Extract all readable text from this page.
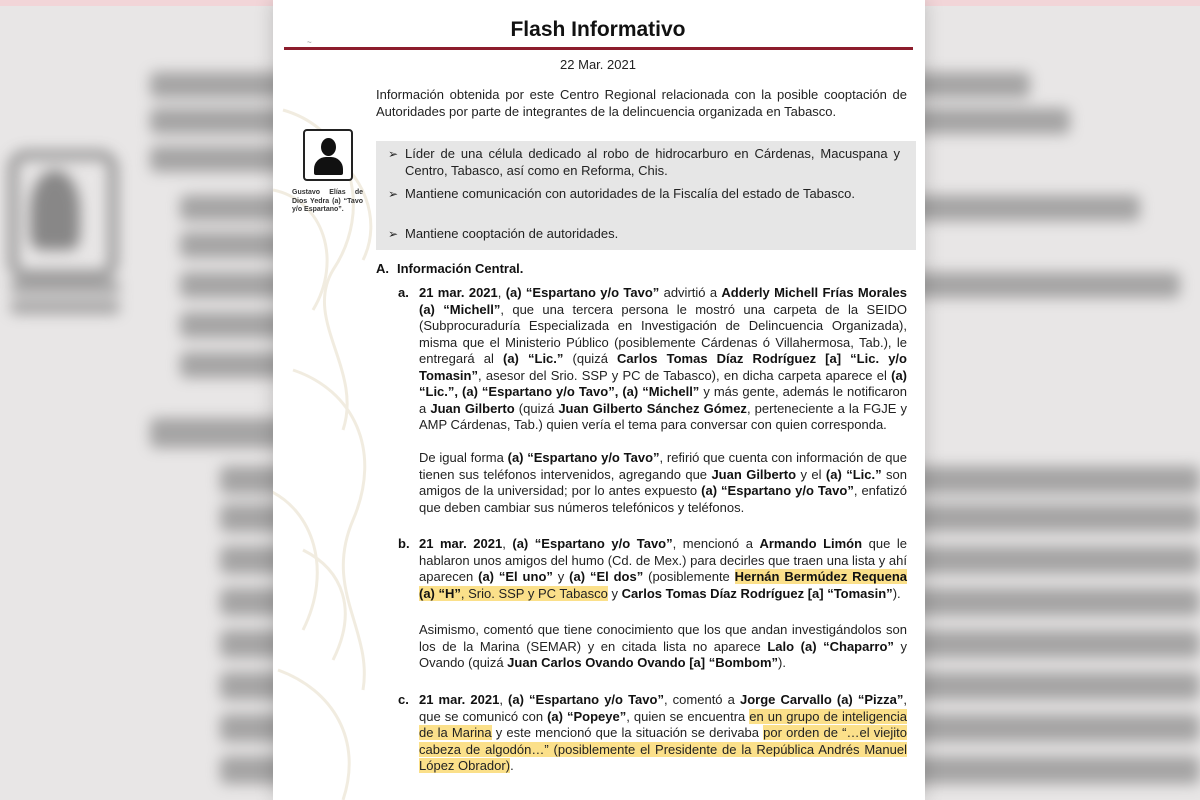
Flash Informativo
~
22 Mar. 2021
Información obtenida por este Centro Regional relacionada con la posible cooptación de Autoridades por parte de integrantes de la delincuencia organizada en Tabasco.
Gustavo Elías de Dios Yedra (a) “Tavo y/o Espartano”.
➢ Líder de una célula dedicado al robo de hidrocarburo en Cárdenas, Macuspana y Centro, Tabasco, así como en Reforma, Chis.
➢ Mantiene comunicación con autoridades de la Fiscalía del estado de Tabasco.
➢ Mantiene cooptación de autoridades.
A. Información Central.
a. 21 mar. 2021, (a) “Espartano y/o Tavo” advirtió a Adderly Michell Frías Morales (a) “Michell”, que una tercera persona le mostró una carpeta de la SEIDO (Subprocuraduría Especializada en Investigación de Delincuencia Organizada), misma que el Ministerio Público (posiblemente Cárdenas ó Villahermosa, Tab.), le entregará al (a) “Lic.” (quizá Carlos Tomas Díaz Rodríguez [a] “Lic. y/o Tomasin”, asesor del Srio. SSP y PC de Tabasco), en dicha carpeta aparece el (a) “Lic.”, (a) “Espartano y/o Tavo”, (a) “Michell” y más gente, además le notificaron a Juan Gilberto (quizá Juan Gilberto Sánchez Gómez, perteneciente a la FGJE y AMP Cárdenas, Tab.) quien vería el tema para conversar con quien corresponda.
De igual forma (a) “Espartano y/o Tavo”, refirió que cuenta con información de que tienen sus teléfonos intervenidos, agregando que Juan Gilberto y el (a) “Lic.” son amigos de la universidad; por lo antes expuesto (a) “Espartano y/o Tavo”, enfatizó que deben cambiar sus números telefónicos y teléfonos.
b. 21 mar. 2021, (a) “Espartano y/o Tavo”, mencionó a Armando Limón que le hablaron unos amigos del humo (Cd. de Mex.) para decirles que traen una lista y ahí aparecen (a) “El uno” y (a) “El dos” (posiblemente Hernán Bermúdez Requena (a) “H”, Srio. SSP y PC Tabasco y Carlos Tomas Díaz Rodríguez [a] “Tomasin”).
Asimismo, comentó que tiene conocimiento que los que andan investigándolos son los de la Marina (SEMAR) y en citada lista no aparece Lalo (a) “Chaparro” y Ovando (quizá Juan Carlos Ovando Ovando [a] “Bombom”).
c. 21 mar. 2021, (a) “Espartano y/o Tavo”, comentó a Jorge Carvallo (a) “Pizza”, que se comunicó con (a) “Popeye”, quien se encuentra en un grupo de inteligencia de la Marina y este mencionó que la situación se derivaba por orden de “…el viejito cabeza de algodón…” (posiblemente el Presidente de la República Andrés Manuel López Obrador).
